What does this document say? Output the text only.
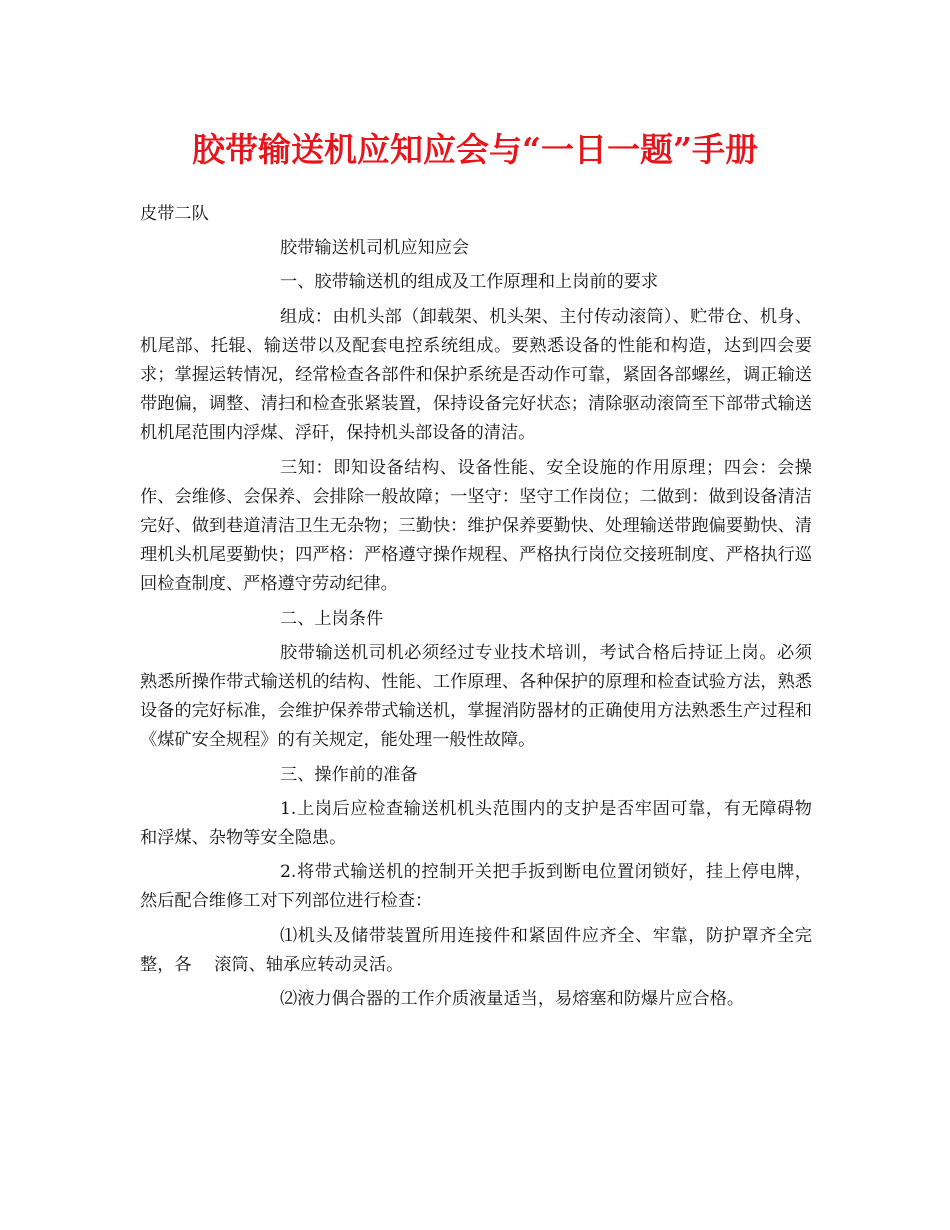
胶带输送机应知应会与“一日一题”手册

皮带二队

胶带输送机司机应知应会

一、胶带输送机的组成及工作原理和上岗前的要求

组成：由机头部（卸载架、机头架、主付传动滚筒）、贮带仓、机身、机尾部、托辊、输送带以及配套电控系统组成。要熟悉设备的性能和构造，达到四会要求；掌握运转情况，经常检查各部件和保护系统是否动作可靠，紧固各部螺丝，调正输送带跑偏，调整、清扫和检查张紧装置，保持设备完好状态；清除驱动滚筒至下部带式输送机机尾范围内浮煤、浮矸，保持机头部设备的清洁。

三知：即知设备结构、设备性能、安全设施的作用原理；四会：会操作、会维修、会保养、会排除一般故障；一坚守：坚守工作岗位；二做到：做到设备清洁完好、做到巷道清洁卫生无杂物；三勤快：维护保养要勤快、处理输送带跑偏要勤快、清理机头机尾要勤快；四严格：严格遵守操作规程、严格执行岗位交接班制度、严格执行巡回检查制度、严格遵守劳动纪律。

二、上岗条件

胶带输送机司机必须经过专业技术培训，考试合格后持证上岗。必须熟悉所操作带式输送机的结构、性能、工作原理、各种保护的原理和检查试验方法，熟悉设备的完好标准，会维护保养带式输送机，掌握消防器材的正确使用方法熟悉生产过程和《煤矿安全规程》的有关规定，能处理一般性故障。

三、操作前的准备

1.上岗后应检查输送机机头范围内的支护是否牢固可靠，有无障碍物和浮煤、杂物等安全隐患。

2.将带式输送机的控制开关把手扳到断电位置闭锁好，挂上停电牌，然后配合维修工对下列部位进行检查：

⑴机头及储带装置所用连接件和紧固件应齐全、牢靠，防护罩齐全完整，各　 滚筒、轴承应转动灵活。

⑵液力偶合器的工作介质液量适当，易熔塞和防爆片应合格。
